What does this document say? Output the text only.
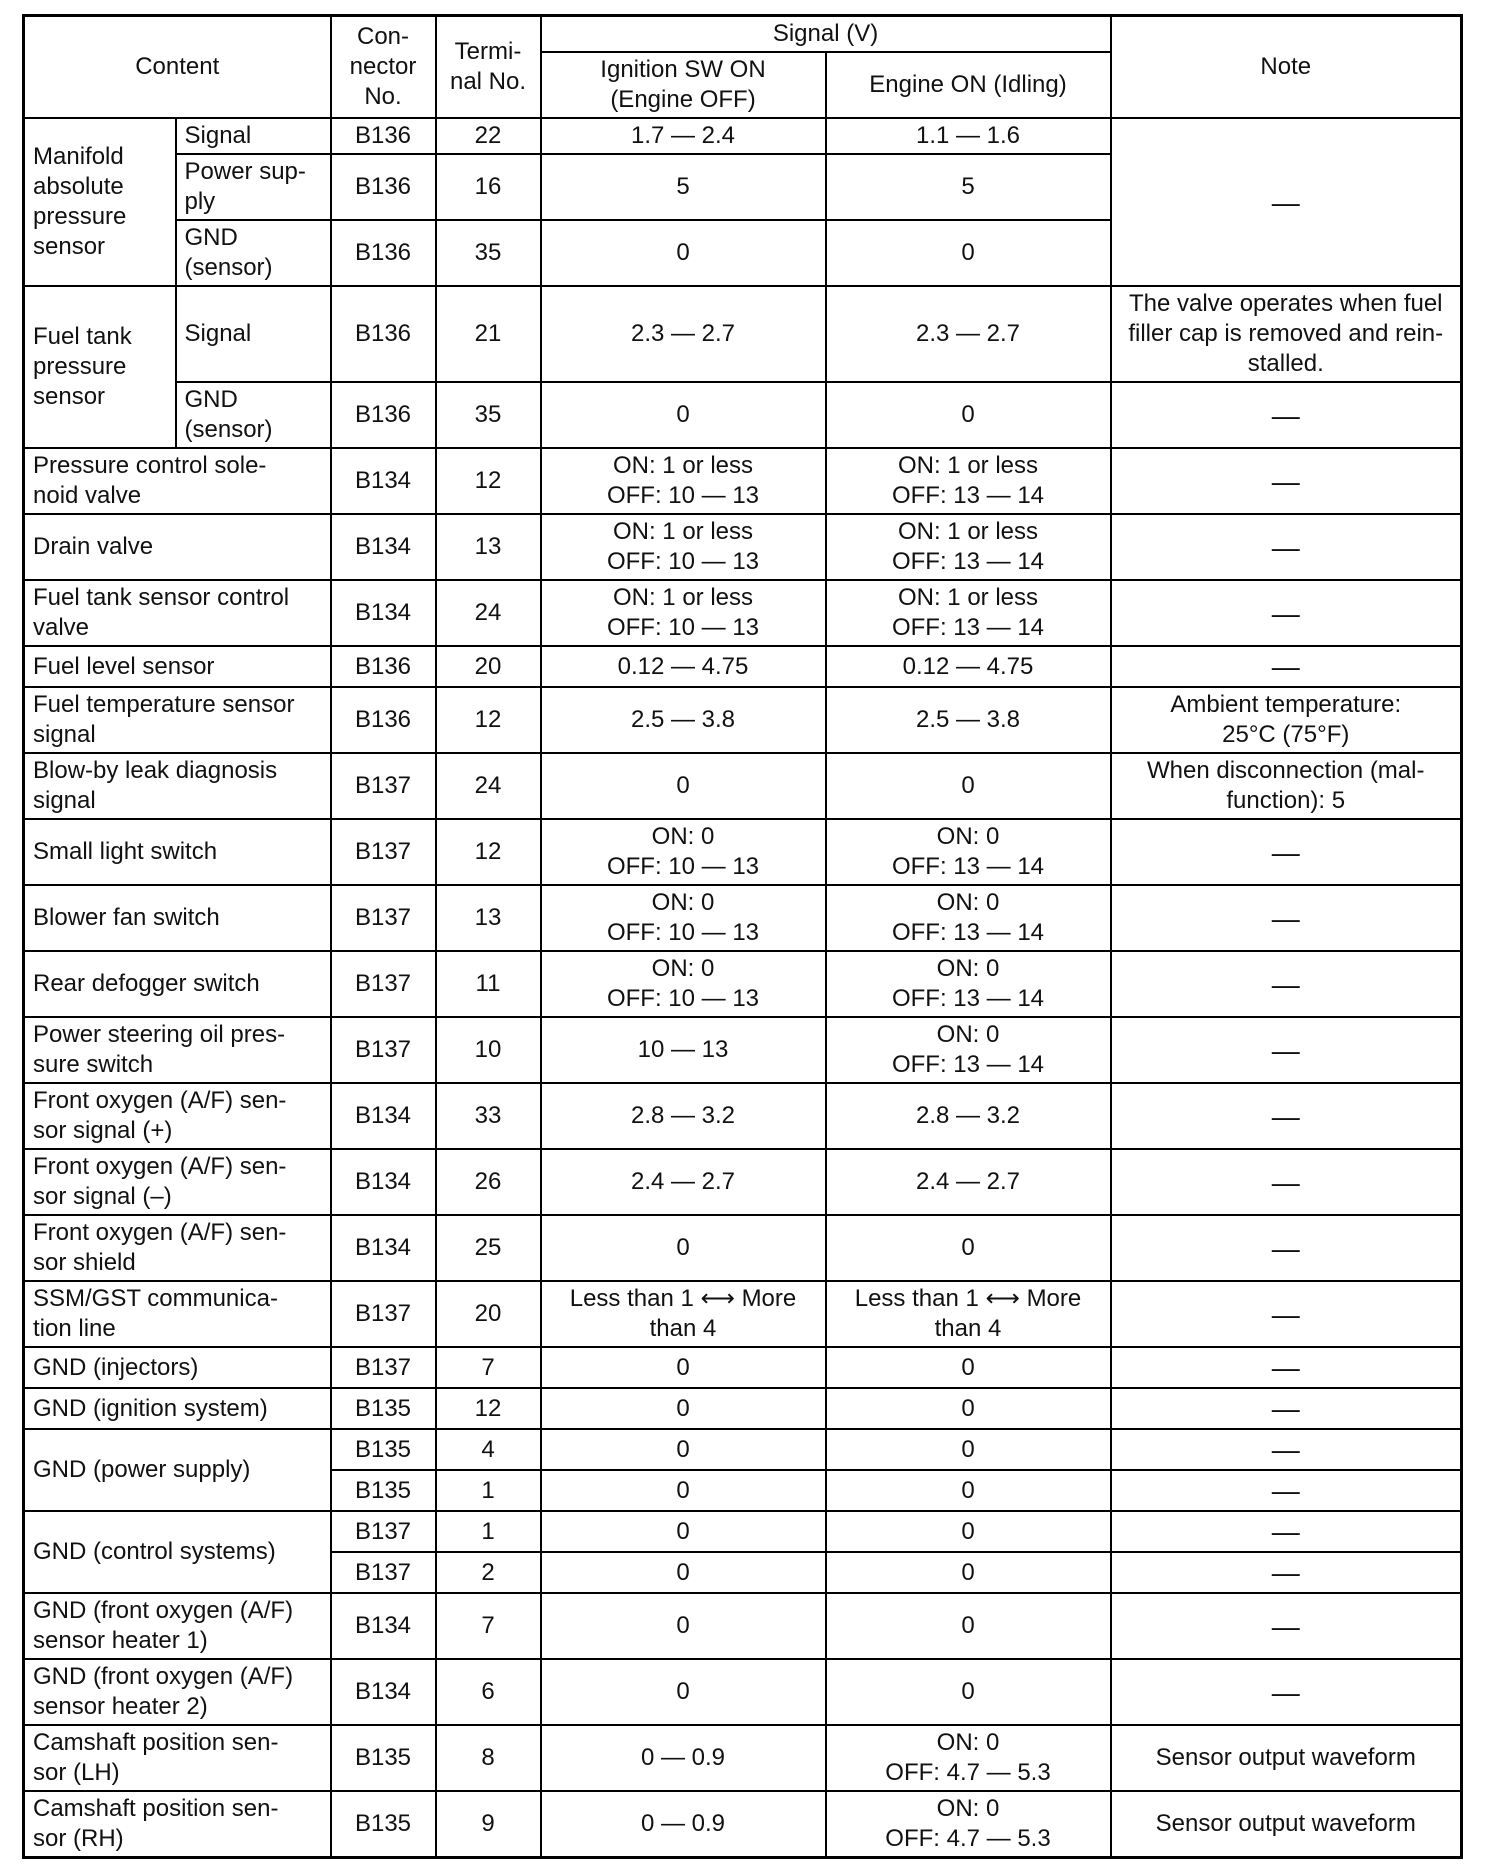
Content		Con-
nector
No.	Termi-
nal No.	Signal (V)		Note
				Ignition SW ON
(Engine OFF)	Engine ON (Idling)	
Manifold
absolute
pressure
sensor	Signal	B136	22	1.7 — 2.4	1.1 — 1.6	—
	Power sup-
ply	B136	16	5	5	
	GND
(sensor)	B136	35	0	0	
Fuel tank
pressure
sensor	Signal	B136	21	2.3 — 2.7	2.3 — 2.7	The valve operates when fuel
filler cap is removed and rein-
stalled.
	GND
(sensor)	B136	35	0	0	—
Pressure control sole-
noid valve		B134	12	ON: 1 or less
OFF: 10 — 13	ON: 1 or less
OFF: 13 — 14	—
Drain valve		B134	13	ON: 1 or less
OFF: 10 — 13	ON: 1 or less
OFF: 13 — 14	—
Fuel tank sensor control
valve		B134	24	ON: 1 or less
OFF: 10 — 13	ON: 1 or less
OFF: 13 — 14	—
Fuel level sensor		B136	20	0.12 — 4.75	0.12 — 4.75	—
Fuel temperature sensor
signal		B136	12	2.5 — 3.8	2.5 — 3.8	Ambient temperature:
25°C (75°F)
Blow-by leak diagnosis
signal		B137	24	0	0	When disconnection (mal-
function): 5
Small light switch		B137	12	ON: 0
OFF: 10 — 13	ON: 0
OFF: 13 — 14	—
Blower fan switch		B137	13	ON: 0
OFF: 10 — 13	ON: 0
OFF: 13 — 14	—
Rear defogger switch		B137	11	ON: 0
OFF: 10 — 13	ON: 0
OFF: 13 — 14	—
Power steering oil pres-
sure switch		B137	10	10 — 13	ON: 0
OFF: 13 — 14	—
Front oxygen (A/F) sen-
sor signal (+)		B134	33	2.8 — 3.2	2.8 — 3.2	—
Front oxygen (A/F) sen-
sor signal (–)		B134	26	2.4 — 2.7	2.4 — 2.7	—
Front oxygen (A/F) sen-
sor shield		B134	25	0	0	—
SSM/GST communica-
tion line		B137	20	Less than 1 ⟷ More
than 4	Less than 1 ⟷ More
than 4	—
GND (injectors)		B137	7	0	0	—
GND (ignition system)		B135	12	0	0	—
GND (power supply)		B135	4	0	0	—
		B135	1	0	0	—
GND (control systems)		B137	1	0	0	—
		B137	2	0	0	—
GND (front oxygen (A/F)
sensor heater 1)		B134	7	0	0	—
GND (front oxygen (A/F)
sensor heater 2)		B134	6	0	0	—
Camshaft position sen-
sor (LH)		B135	8	0 — 0.9	ON: 0
OFF: 4.7 — 5.3	Sensor output waveform
Camshaft position sen-
sor (RH)		B135	9	0 — 0.9	ON: 0
OFF: 4.7 — 5.3	Sensor output waveform
